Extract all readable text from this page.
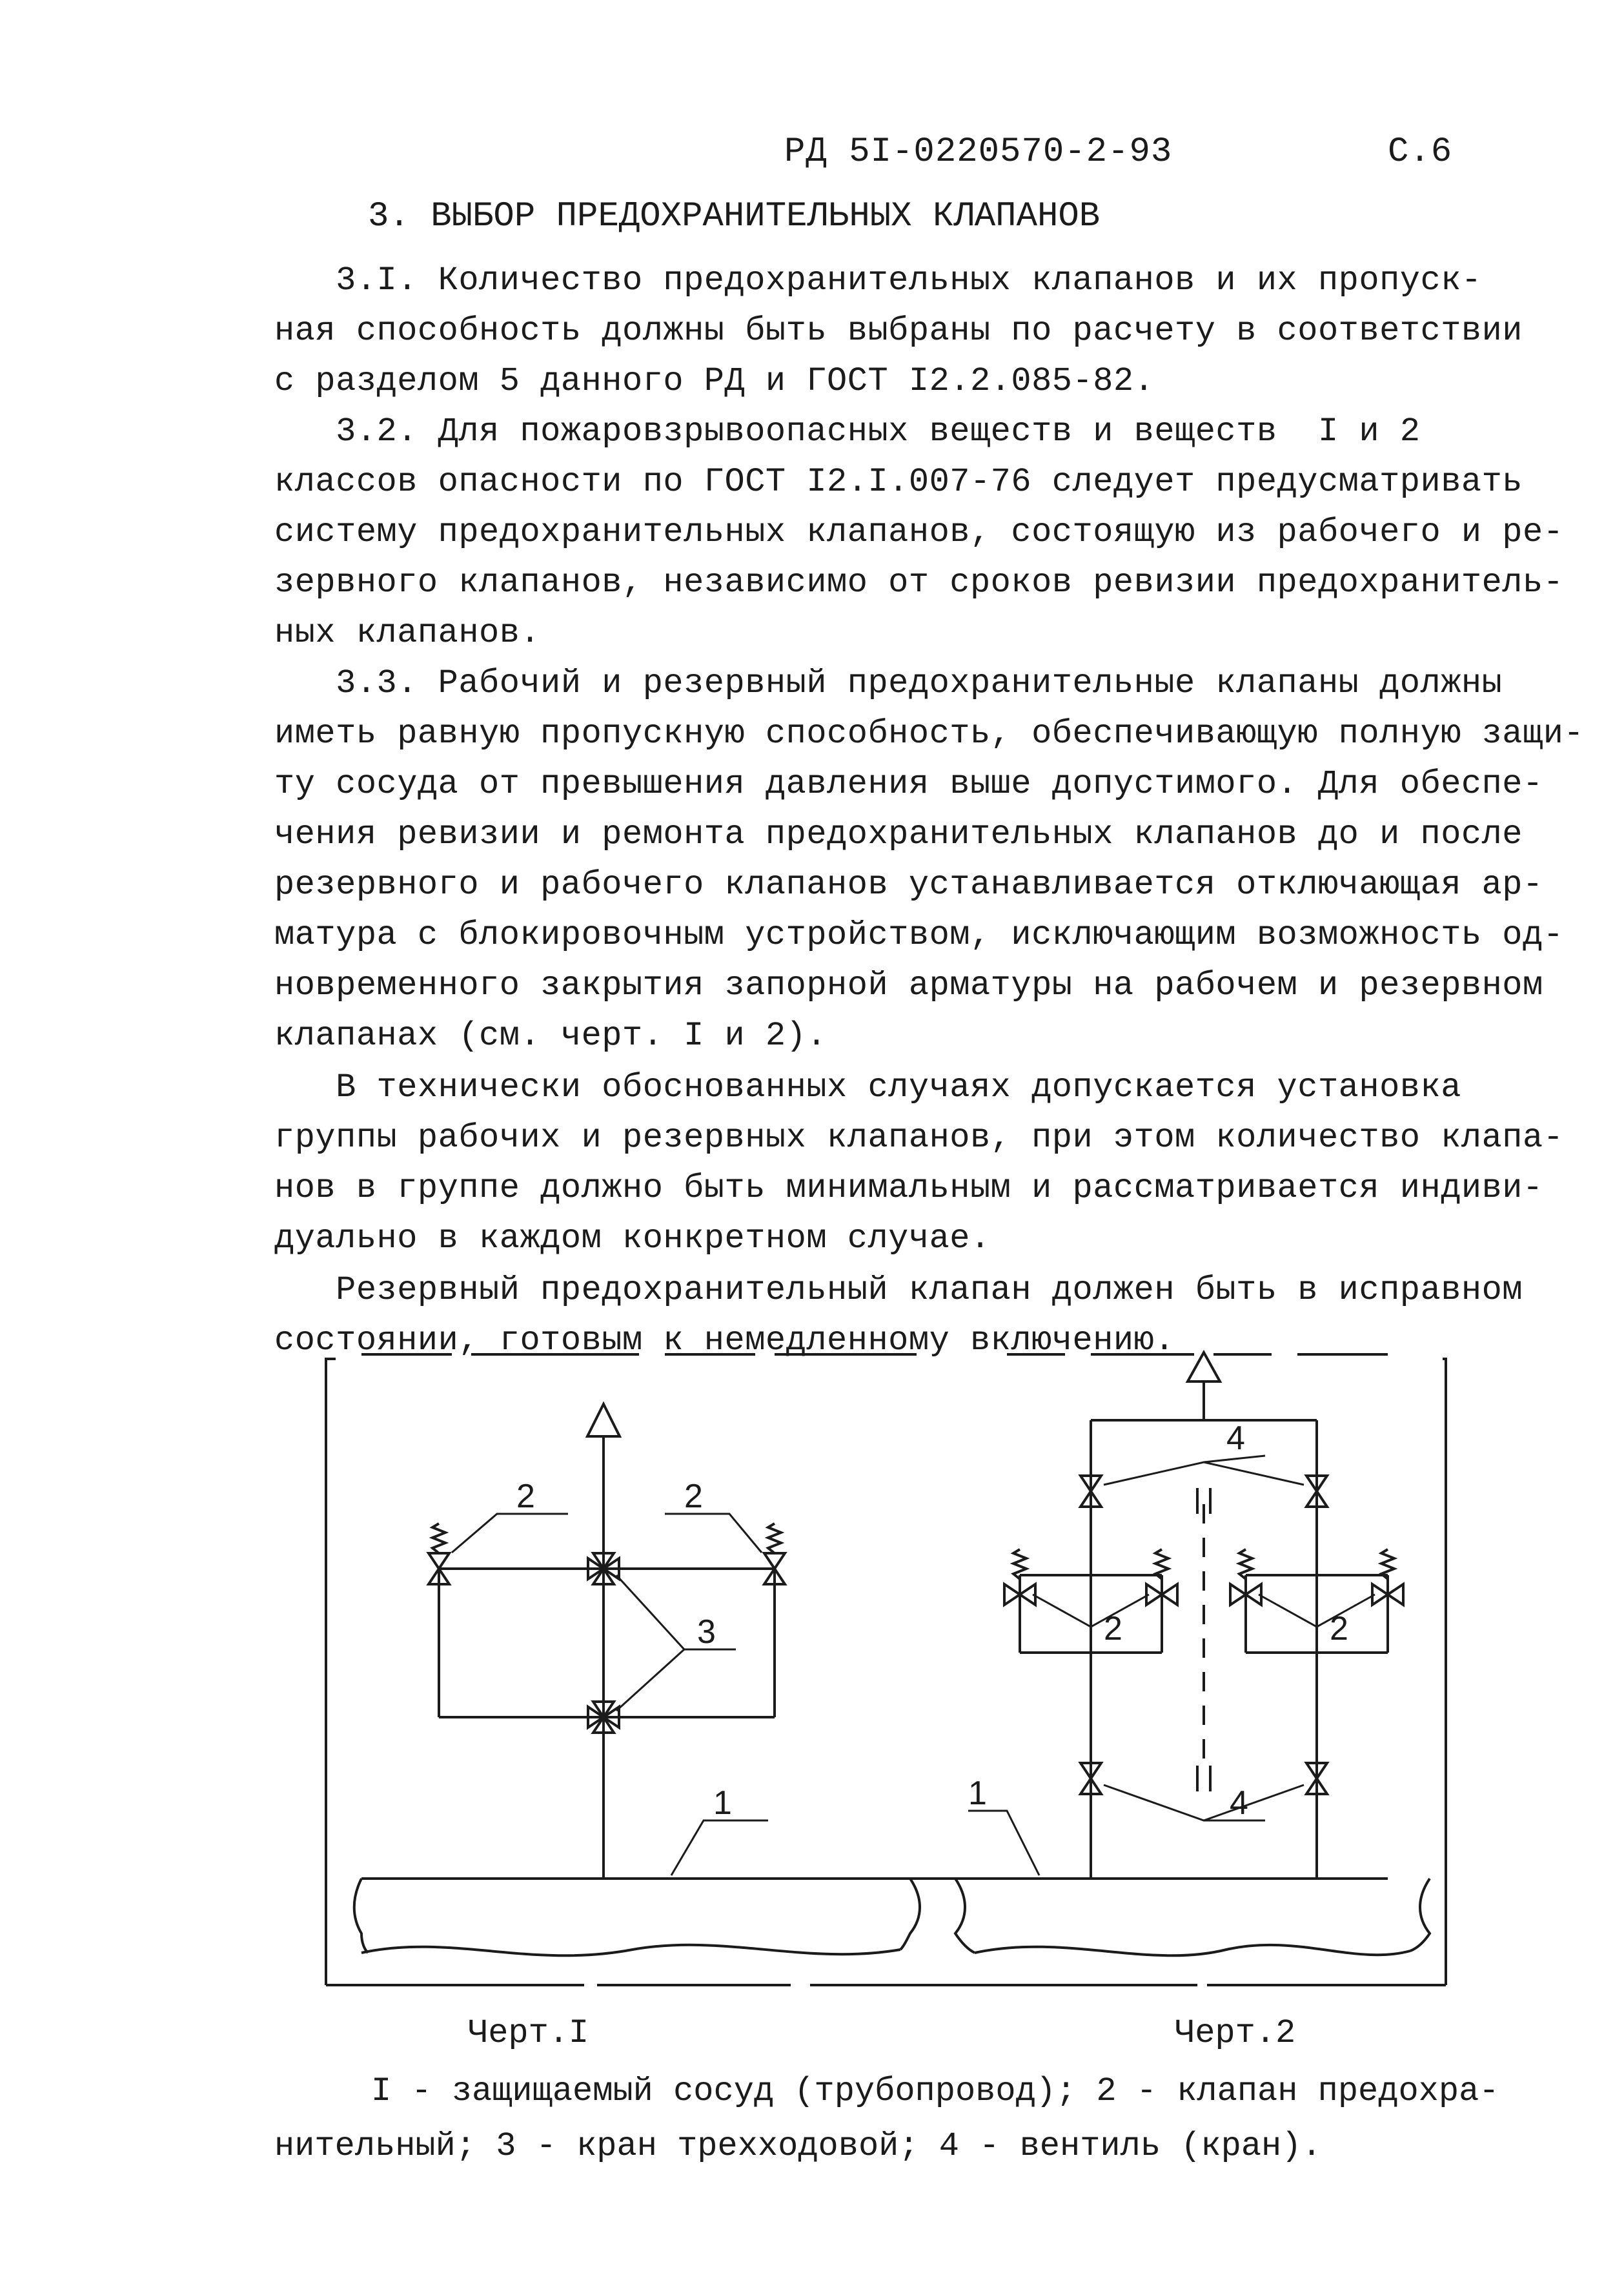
РД 5I-0220570-2-93	С.6
3. ВЫБОР ПРЕДОХРАНИТЕЛЬНЫХ КЛАПАНОВ
3.I. Количество предохранительных клапанов и их пропуск-
ная способность должны быть выбраны по расчету в соответствии
с разделом 5 данного РД и ГОСТ I2.2.085-82.
3.2. Для пожаровзрывоопасных веществ и веществ  I и 2
классов опасности по ГОСТ I2.I.007-76 следует предусматривать
систему предохранительных клапанов, состоящую из рабочего и ре-
зервного клапанов, независимо от сроков ревизии предохранитель-
ных клапанов.
3.3. Рабочий и резервный предохранительные клапаны должны
иметь равную пропускную способность, обеспечивающую полную защи-
ту сосуда от превышения давления выше допустимого. Для обеспе-
чения ревизии и ремонта предохранительных клапанов до и после
резервного и рабочего клапанов устанавливается отключающая ар-
матура с блокировочным устройством, исключающим возможность од-
новременного закрытия запорной арматуры на рабочем и резервном
клапанах (см. черт. I и 2).
В технически обоснованных случаях допускается установка
группы рабочих и резервных клапанов, при этом количество клапа-
нов в группе должно быть минимальным и рассматривается индиви-
дуально в каждом конкретном случае.
Резервный предохранительный клапан должен быть в исправном
состоянии, готовым к немедленному включению.
2	2
3
1
4
2	2
4
1
Черт.I	Черт.2
I - защищаемый сосуд (трубопровод); 2 - клапан предохра-
нительный; 3 - кран трехходовой; 4 - вентиль (кран).
